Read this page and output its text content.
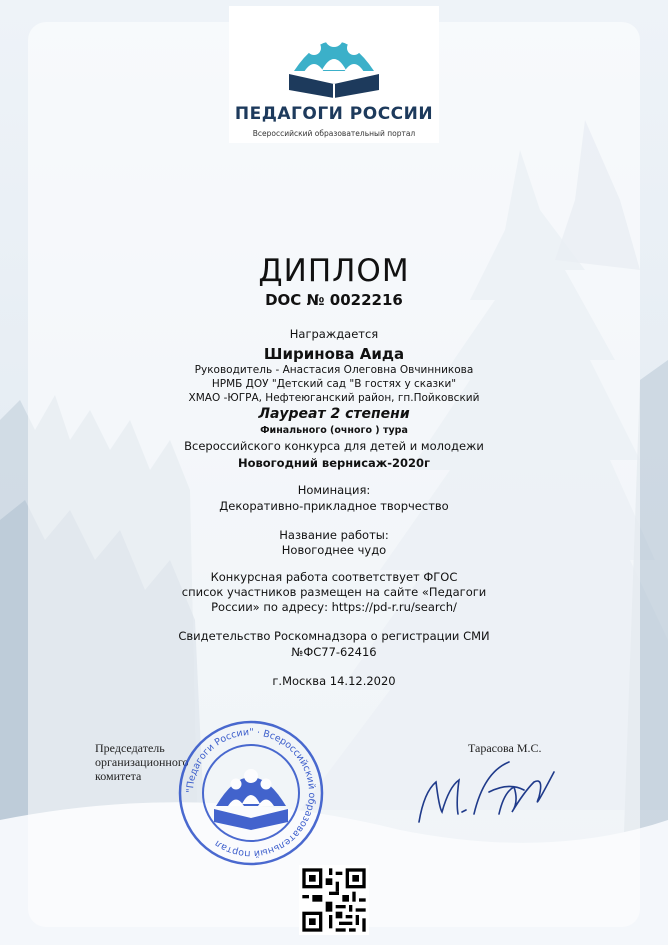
ПЕДАГОГИ РОССИИ
Всероссийский образовательный портал
ДИПЛОМ
DOC № 0022216
Награждается
Ширинова Аида
Руководитель - Анастасия Олеговна Овчинникова
НРМБ ДОУ "Детский сад "В гостях у сказки"
ХМАО -ЮГРА, Нефтеюганский район, гп.Пойковский
Лауреат 2 степени
Финального (очного ) тура
Всероссийского конкурса для детей и молодежи
Новогодний вернисаж-2020г
Номинация:
Декоративно-прикладное творчество
Название работы:
Новогоднее чудо
Конкурсная работа соответствует ФГОС
список участников размещен на сайте «Педагоги
России» по адресу: https://pd-r.ru/search/
Свидетельство Роскомнадзора о регистрации СМИ
№ФС77-62416
г.Москва 14.12.2020
Председатель
организационного
комитета
Тарасова М.С.
"Педагоги России" · Всероссийский образовательный портал
М. Тар
